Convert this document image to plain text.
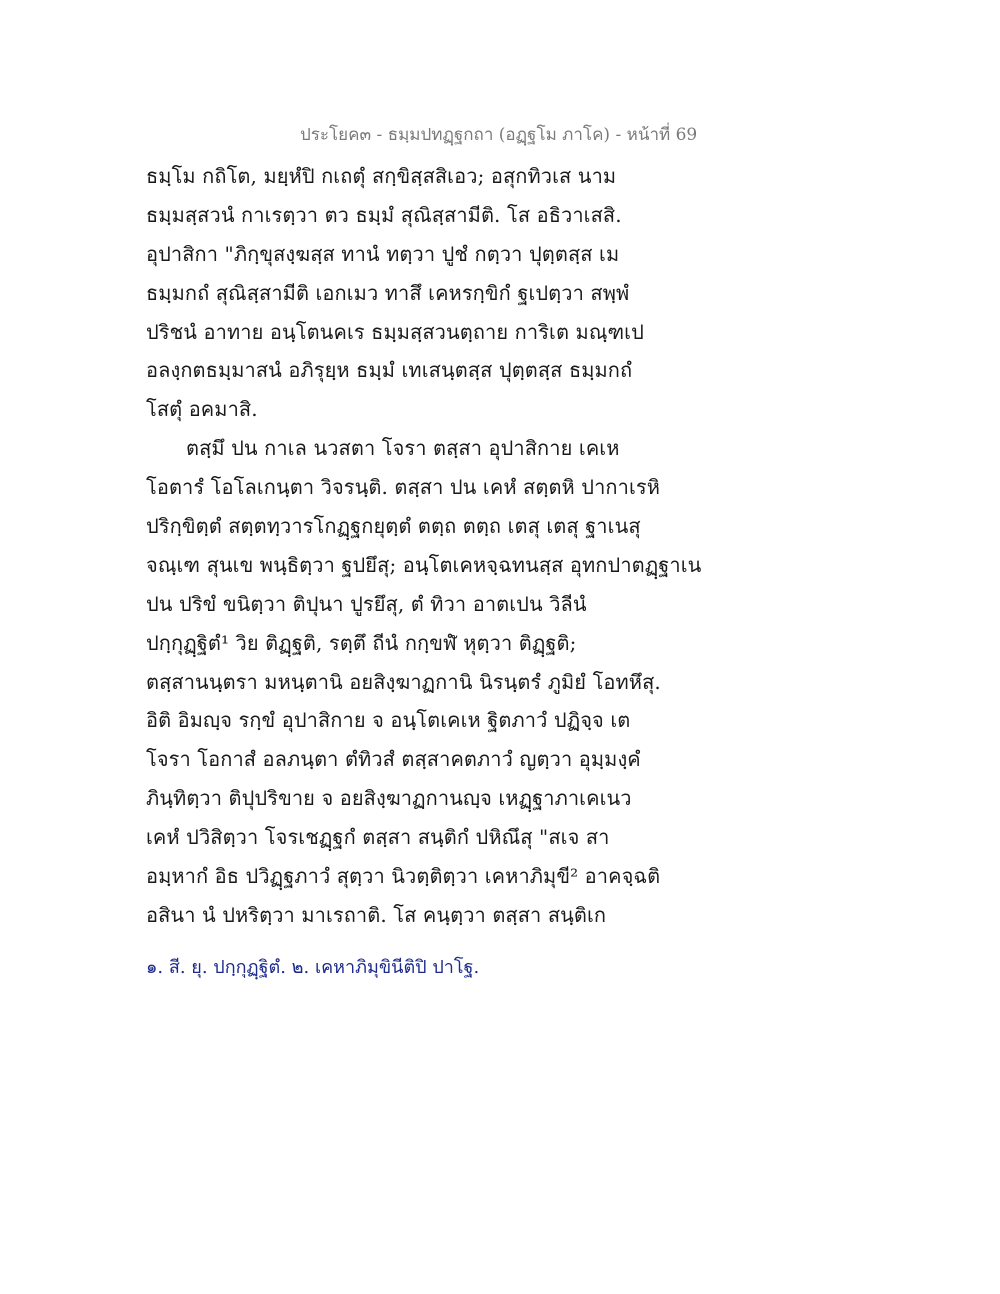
ประโยค๓ - ธมฺมปทฏฺฐกถา (อฏฺฐโม ภาโค) - หน้าที่ 69
ธมฺโม กถิโต, มยฺหํปิ กเถตุํ สกฺขิสฺสสิเอว; อสุกทิวเส นาม
ธมฺมสฺสวนํ กาเรตฺวา ตว ธมฺมํ สุณิสฺสามีติ. โส อธิวาเสสิ.
อุปาสิกา "ภิกฺขุสงฺฆสฺส ทานํ ทตฺวา ปูชํ กตฺวา ปุตฺตสฺส เม
ธมฺมกถํ สุณิสฺสามีติ เอกเมว ทาสึ เคหรกฺขิกํ ฐเปตฺวา สพฺพํ
ปริชนํ อาทาย อนฺโตนคเร ธมฺมสฺสวนตฺถาย การิเต มณฺฑเป
อลงฺกตธมฺมาสนํ อภิรุยฺห ธมฺมํ เทเสนฺตสฺส ปุตฺตสฺส ธมฺมกถํ
โสตุํ อคมาสิ.
ตสฺมึ ปน กาเล นวสตา โจรา ตสฺสา อุปาสิกาย เคเห
โอตารํ โอโลเกนฺตา วิจรนฺติ. ตสฺสา ปน เคหํ สตฺตหิ ปากาเรหิ
ปริกฺขิตฺตํ สตฺตทฺวารโกฏฺฐกยุตฺตํ ตตฺถ ตตฺถ เตสุ เตสุ ฐาเนสุ
จณฺเฑ สุนเข พนฺธิตฺวา ฐปยึสุ; อนฺโตเคหจฺฉทนสฺส อุทกปาตฏฺฐาเน
ปน ปริขํ ขนิตฺวา ติปุนา ปูรยึสุ, ตํ ทิวา อาตเปน วิลีนํ
ปกฺกุฏฺฐิตํ¹ วิย ติฏฺฐติ, รตฺตึ ถีนํ กกฺขฬํ หุตฺวา ติฏฺฐติ;
ตสฺสานนฺตรา มหนฺตานิ อยสิงฺฆาฏกานิ นิรนฺตรํ ภูมิยํ โอทหึสุ.
อิติ อิมญฺจ รกฺขํ อุปาสิกาย จ อนฺโตเคเห ฐิตภาวํ ปฏิจฺจ เต
โจรา โอกาสํ อลภนฺตา ตํทิวสํ ตสฺสาคตภาวํ ญตฺวา อุมฺมงฺคํ
ภินฺทิตฺวา ติปุปริขาย จ อยสิงฺฆาฏกานญฺจ เหฏฺฐาภาเคเนว
เคหํ ปวิสิตฺวา โจรเชฏฺฐกํ ตสฺสา สนฺติกํ ปหิณึสุ "สเจ สา
อมฺหากํ อิธ ปวิฏฺฐภาวํ สุตฺวา นิวตฺติตฺวา เคหาภิมุขี² อาคจฺฉติ
อสินา นํ ปหริตฺวา มาเรถาติ. โส คนฺตฺวา ตสฺสา สนฺติเก
๑. สี. ยุ. ปกฺกุฏฺฐิตํ. ๒. เคหาภิมุขินีติปิ ปาโฐ.
